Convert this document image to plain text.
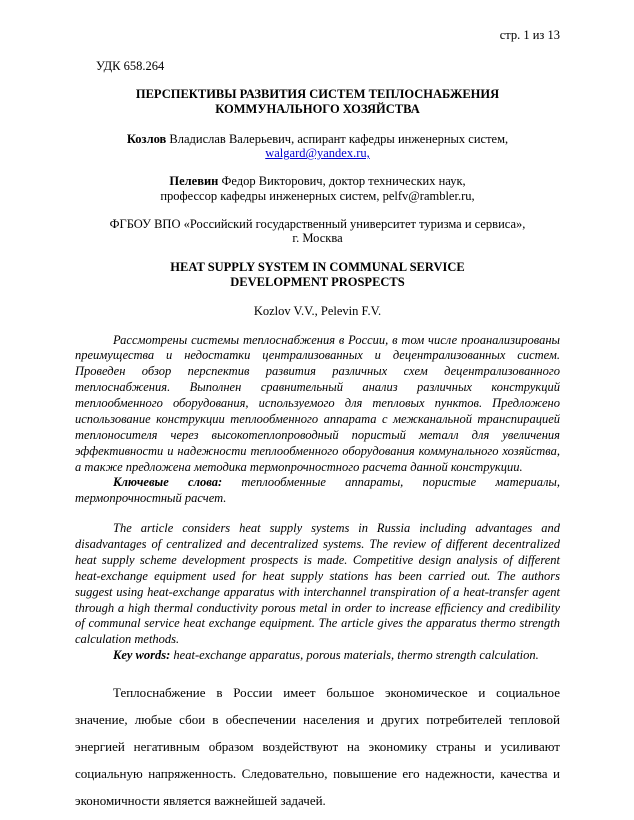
стр. 1 из 13
УДК 658.264
ПЕРСПЕКТИВЫ РАЗВИТИЯ СИСТЕМ ТЕПЛОСНАБЖЕНИЯ
КОММУНАЛЬНОГО ХОЗЯЙСТВА
Козлов Владислав Валерьевич, аспирант кафедры инженерных систем,
walgard@yandex.ru,
Пелевин Федор Викторович, доктор технических наук,
профессор кафедры инженерных систем, pelfv@rambler.ru,
ФГБОУ ВПО «Российский государственный университет туризма и сервиса»,
г. Москва
HEAT SUPPLY SYSTEM IN COMMUNAL SERVICE
DEVELOPMENT PROSPECTS
Kozlov V.V., Pelevin F.V.

Рассмотрены системы теплоснабжения в России, в том числе проанализированы преимущества и недостатки централизованных и децентрализованных систем. Проведен обзор перспектив развития различных схем децентрализованного теплоснабжения. Выполнен сравнительный анализ различных конструкций теплообменного оборудования, используемого для тепловых пунктов. Предложено использование конструкции теплообменного аппарата с межканальной транспирацией теплоносителя через высокотеплопроводный пористый металл для увеличения эффективности и надежности теплообменного оборудования коммунального хозяйства, а также предложена методика термопрочностного расчета данной конструкции.

Ключевые слова: теплообменные аппараты, пористые материалы, термопрочностный расчет.

The article considers heat supply systems in Russia including advantages and disadvantages of centralized and decentralized systems. The review of different decentralized heat supply scheme development prospects is made. Competitive design analysis of different heat-exchange equipment used for heat supply stations has been carried out. The authors suggest using heat-exchange apparatus with interchannel transpiration of a heat-transfer agent through a high thermal conductivity porous metal in order to increase efficiency and credibility of communal service heat exchange equipment. The article gives the apparatus thermo strength calculation methods.

Key words: heat-exchange apparatus, porous materials, thermo strength calculation.

Теплоснабжение в России имеет большое экономическое и социальное значение, любые сбои в обеспечении населения и других потребителей тепловой энергией негативным образом воздействуют на экономику страны и усиливают социальную напряженность. Следовательно, повышение его надежности, качества и экономичности является важнейшей задачей.
